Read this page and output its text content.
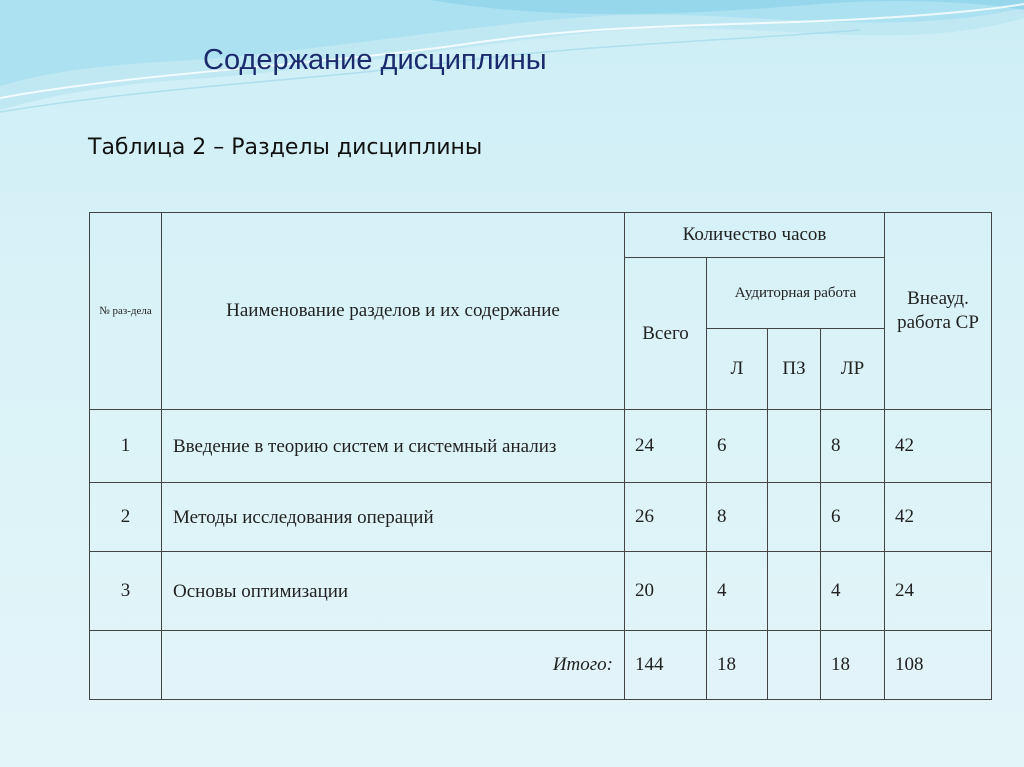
Содержание дисциплины
Таблица 2 – Разделы дисциплины
№ раз-дела	Наименование разделов и их содержание	Количество часов				Внеауд. работа СР
		Всего	Аудиторная работа			
			Л	ПЗ	ЛР	
1	Введение в теорию систем и системный анализ	24	6		8	42
2	Методы исследования операций	26	8		6	42
3	Основы оптимизации	20	4		4	24
	Итого:	144	18		18	108
